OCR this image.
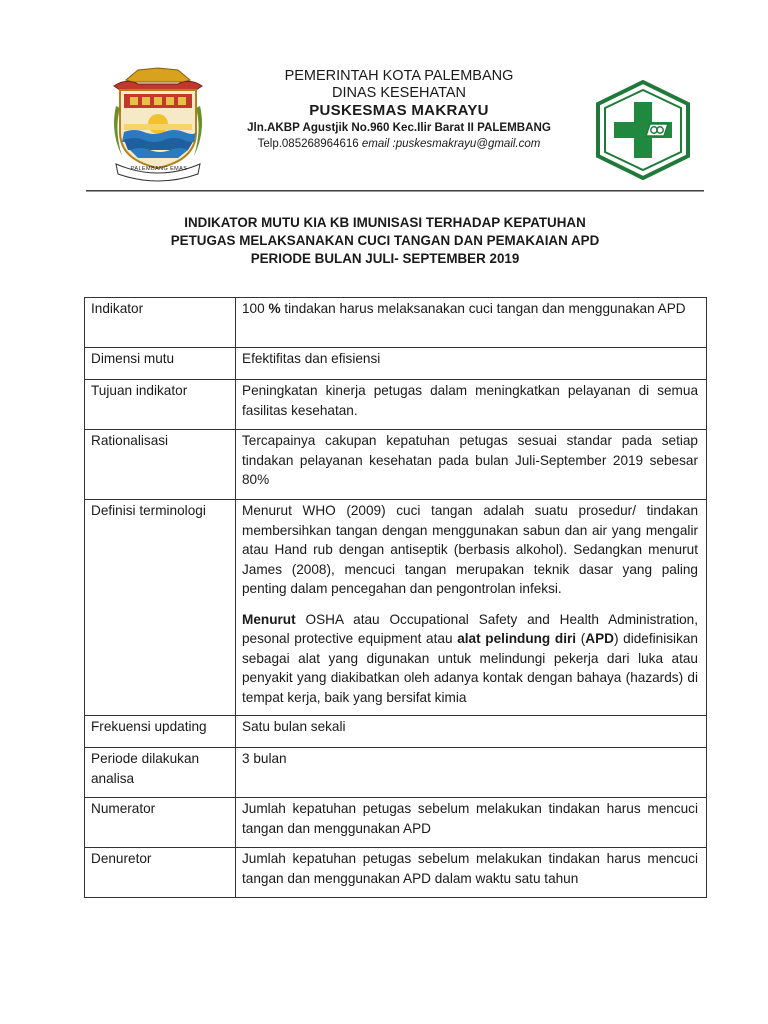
PALEMBANG EMAS
PEMERINTAH KOTA PALEMBANG
DINAS KESEHATAN
PUSKESMAS MAKRAYU
Jln.AKBP Agustjik No.960 Kec.Ilir Barat II PALEMBANG
Telp.085268964616 email :puskesmakrayu@gmail.com
INDIKATOR MUTU KIA KB IMUNISASI TERHADAP KEPATUHAN
PETUGAS MELAKSANAKAN CUCI TANGAN DAN PEMAKAIAN APD
PERIODE BULAN JULI- SEPTEMBER 2019
Indikator	100 % tindakan harus melaksanakan cuci tangan dan menggunakan APD
Dimensi mutu	Efektifitas dan efisiensi
Tujuan indikator	Peningkatan kinerja petugas dalam meningkatkan pelayanan di semua fasilitas kesehatan.
Rationalisasi	Tercapainya cakupan kepatuhan petugas sesuai standar pada setiap tindakan pelayanan kesehatan pada bulan Juli-September 2019 sebesar 80%
Definisi terminologi	Menurut WHO (2009) cuci tangan adalah suatu prosedur/ tindakan membersihkan tangan dengan menggunakan sabun dan air yang mengalir atau Hand rub dengan antiseptik (berbasis alkohol). Sedangkan menurut James (2008), mencuci tangan merupakan teknik dasar yang paling penting dalam pencegahan dan pengontrolan infeksi.

Menurut OSHA atau Occupational Safety and Health Administration, pesonal protective equipment atau alat pelindung diri (APD) didefinisikan sebagai alat yang digunakan untuk melindungi pekerja dari luka atau penyakit yang diakibatkan oleh adanya kontak dengan bahaya (hazards) di tempat kerja, baik yang bersifat kimia

Frekuensi updating	Satu bulan sekali
Periode dilakukan analisa	3 bulan
Numerator	Jumlah kepatuhan petugas sebelum melakukan tindakan harus mencuci tangan dan menggunakan APD
Denuretor	Jumlah kepatuhan petugas sebelum melakukan tindakan harus mencuci tangan dan menggunakan APD dalam waktu satu tahun
